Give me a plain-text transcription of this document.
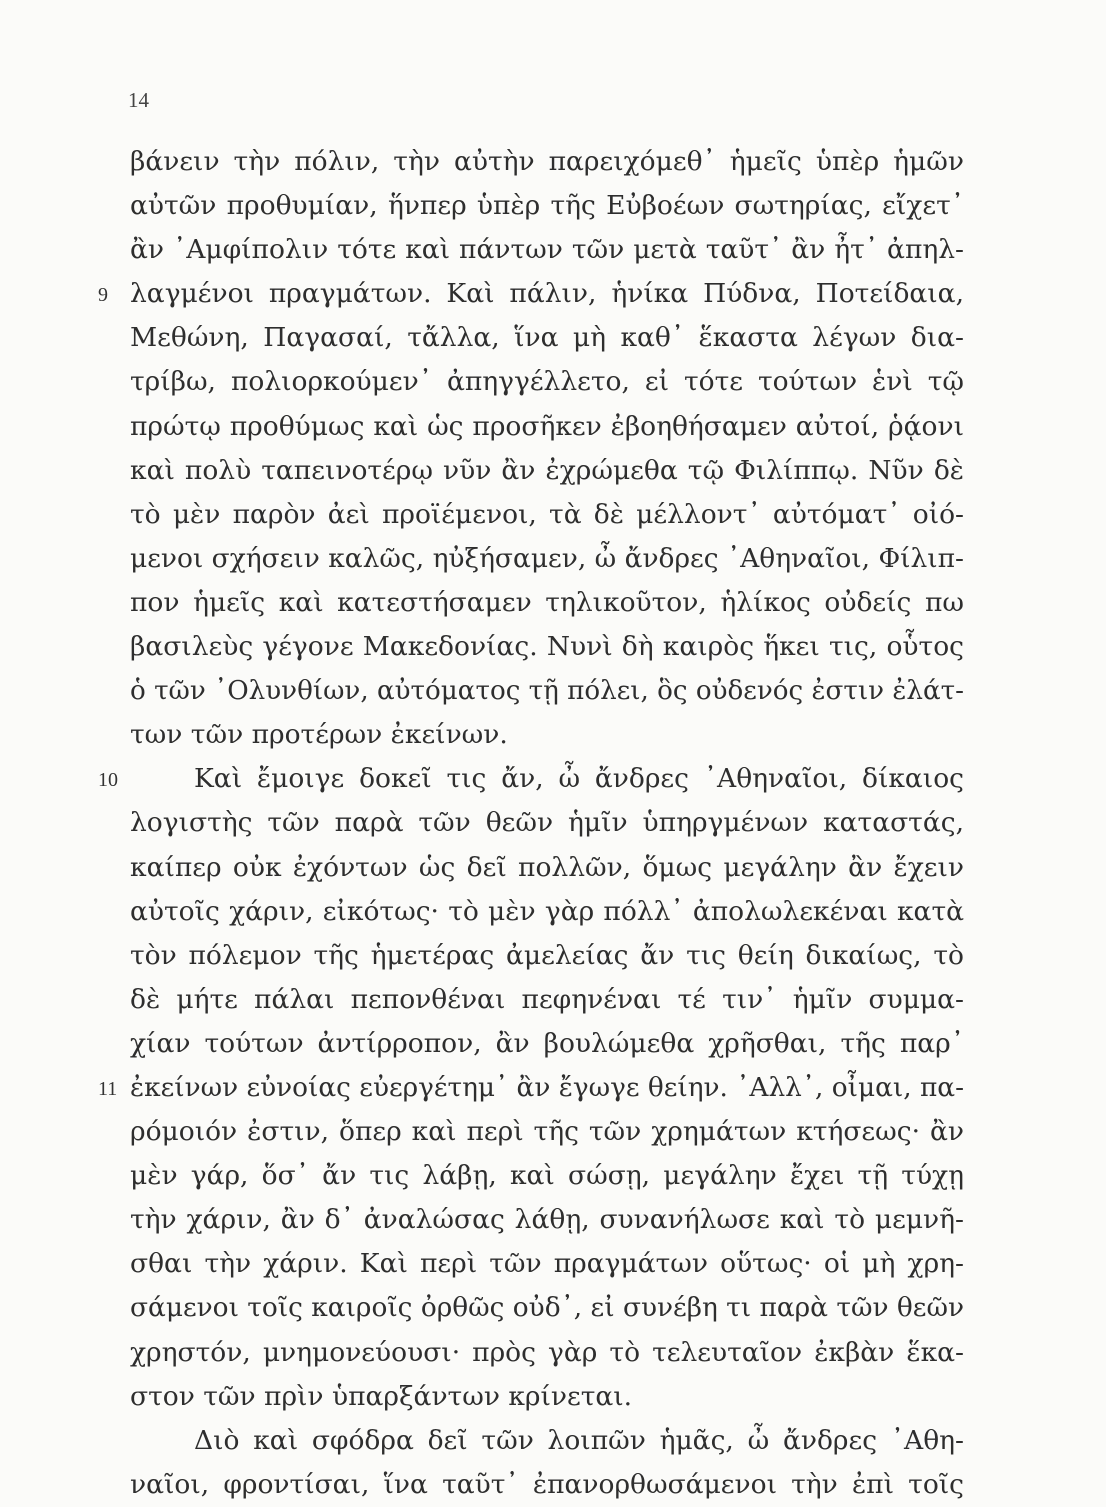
14
βάνειν τὴν πόλιν, τὴν αὐτὴν παρειχόμεθ᾽ ἡμεῖς ὑπὲρ ἡμῶν
αὐτῶν προθυμίαν, ἥνπερ ὑπὲρ τῆς Εὐβοέων σωτηρίας, εἴχετ᾽
ἂν ᾿Αμφίπολιν τότε καὶ πάντων τῶν μετὰ ταῦτ᾽ ἂν ἦτ᾽ ἀπηλ-
9 λαγμένοι πραγμάτων. Καὶ πάλιν, ἡνίκα Πύδνα, Ποτείδαια,
Μεθώνη, Παγασαί, τἄλλα, ἵνα μὴ καθ᾽ ἕκαστα λέγων δια-
τρίβω, πολιορκούμεν᾽ ἀπηγγέλλετο, εἰ τότε τούτων ἑνὶ τῷ
πρώτῳ προθύμως καὶ ὡς προσῆκεν ἐβοηθήσαμεν αὐτοί, ῥᾴονι
καὶ πολὺ ταπεινοτέρῳ νῦν ἂν ἐχρώμεθα τῷ Φιλίππῳ. Νῦν δὲ
τὸ μὲν παρὸν ἀεὶ προϊέμενοι, τὰ δὲ μέλλοντ᾽ αὐτόματ᾽ οἰό-
μενοι σχήσειν καλῶς, ηὐξήσαμεν, ὦ ἄνδρες ᾿Αθηναῖοι, Φίλιπ-
πον ἡμεῖς καὶ κατεστήσαμεν τηλικοῦτον, ἡλίκος οὐδείς πω
βασιλεὺς γέγονε Μακεδονίας. Νυνὶ δὴ καιρὸς ἥκει τις, οὗτος
ὁ τῶν ᾿Ολυνθίων, αὐτόματος τῇ πόλει, ὃς οὐδενός ἐστιν ἐλάτ-
των τῶν προτέρων ἐκείνων.
10	Καὶ ἔμοιγε δοκεῖ τις ἄν, ὦ ἄνδρες ᾿Αθηναῖοι, δίκαιος
λογιστὴς τῶν παρὰ τῶν θεῶν ἡμῖν ὑπηργμένων καταστάς,
καίπερ οὐκ ἐχόντων ὡς δεῖ πολλῶν, ὅμως μεγάλην ἂν ἔχειν
αὐτοῖς χάριν, εἰκότως· τὸ μὲν γὰρ πόλλ᾽ ἀπολωλεκέναι κατὰ
τὸν πόλεμον τῆς ἡμετέρας ἀμελείας ἄν τις θείη δικαίως, τὸ
δὲ μήτε πάλαι πεπονθέναι πεφηνέναι τέ τιν᾽ ἡμῖν συμμα-
χίαν τούτων ἀντίρροπον, ἂν βουλώμεθα χρῆσθαι, τῆς παρ᾽
11 ἐκείνων εὐνοίας εὐεργέτημ᾽ ἂν ἔγωγε θείην. ᾿Αλλ᾽, οἶμαι, πα-
ρόμοιόν ἐστιν, ὅπερ καὶ περὶ τῆς τῶν χρημάτων κτήσεως· ἂν
μὲν γάρ, ὅσ᾽ ἄν τις λάβῃ, καὶ σώσῃ, μεγάλην ἔχει τῇ τύχῃ
τὴν χάριν, ἂν δ᾽ ἀναλώσας λάθῃ, συνανήλωσε καὶ τὸ μεμνῆ-
σθαι τὴν χάριν. Καὶ περὶ τῶν πραγμάτων οὕτως· οἱ μὴ χρη-
σάμενοι τοῖς καιροῖς ὀρθῶς οὐδ᾽, εἰ συνέβη τι παρὰ τῶν θεῶν
χρηστόν, μνημονεύουσι· πρὸς γὰρ τὸ τελευταῖον ἐκβὰν ἕκα-
στον τῶν πρὶν ὑπαρξάντων κρίνεται.
Διὸ καὶ σφόδρα δεῖ τῶν λοιπῶν ἡμᾶς, ὦ ἄνδρες ᾿Αθη-
ναῖοι, φροντίσαι, ἵνα ταῦτ᾽ ἐπανορθωσάμενοι τὴν ἐπὶ τοῖς
